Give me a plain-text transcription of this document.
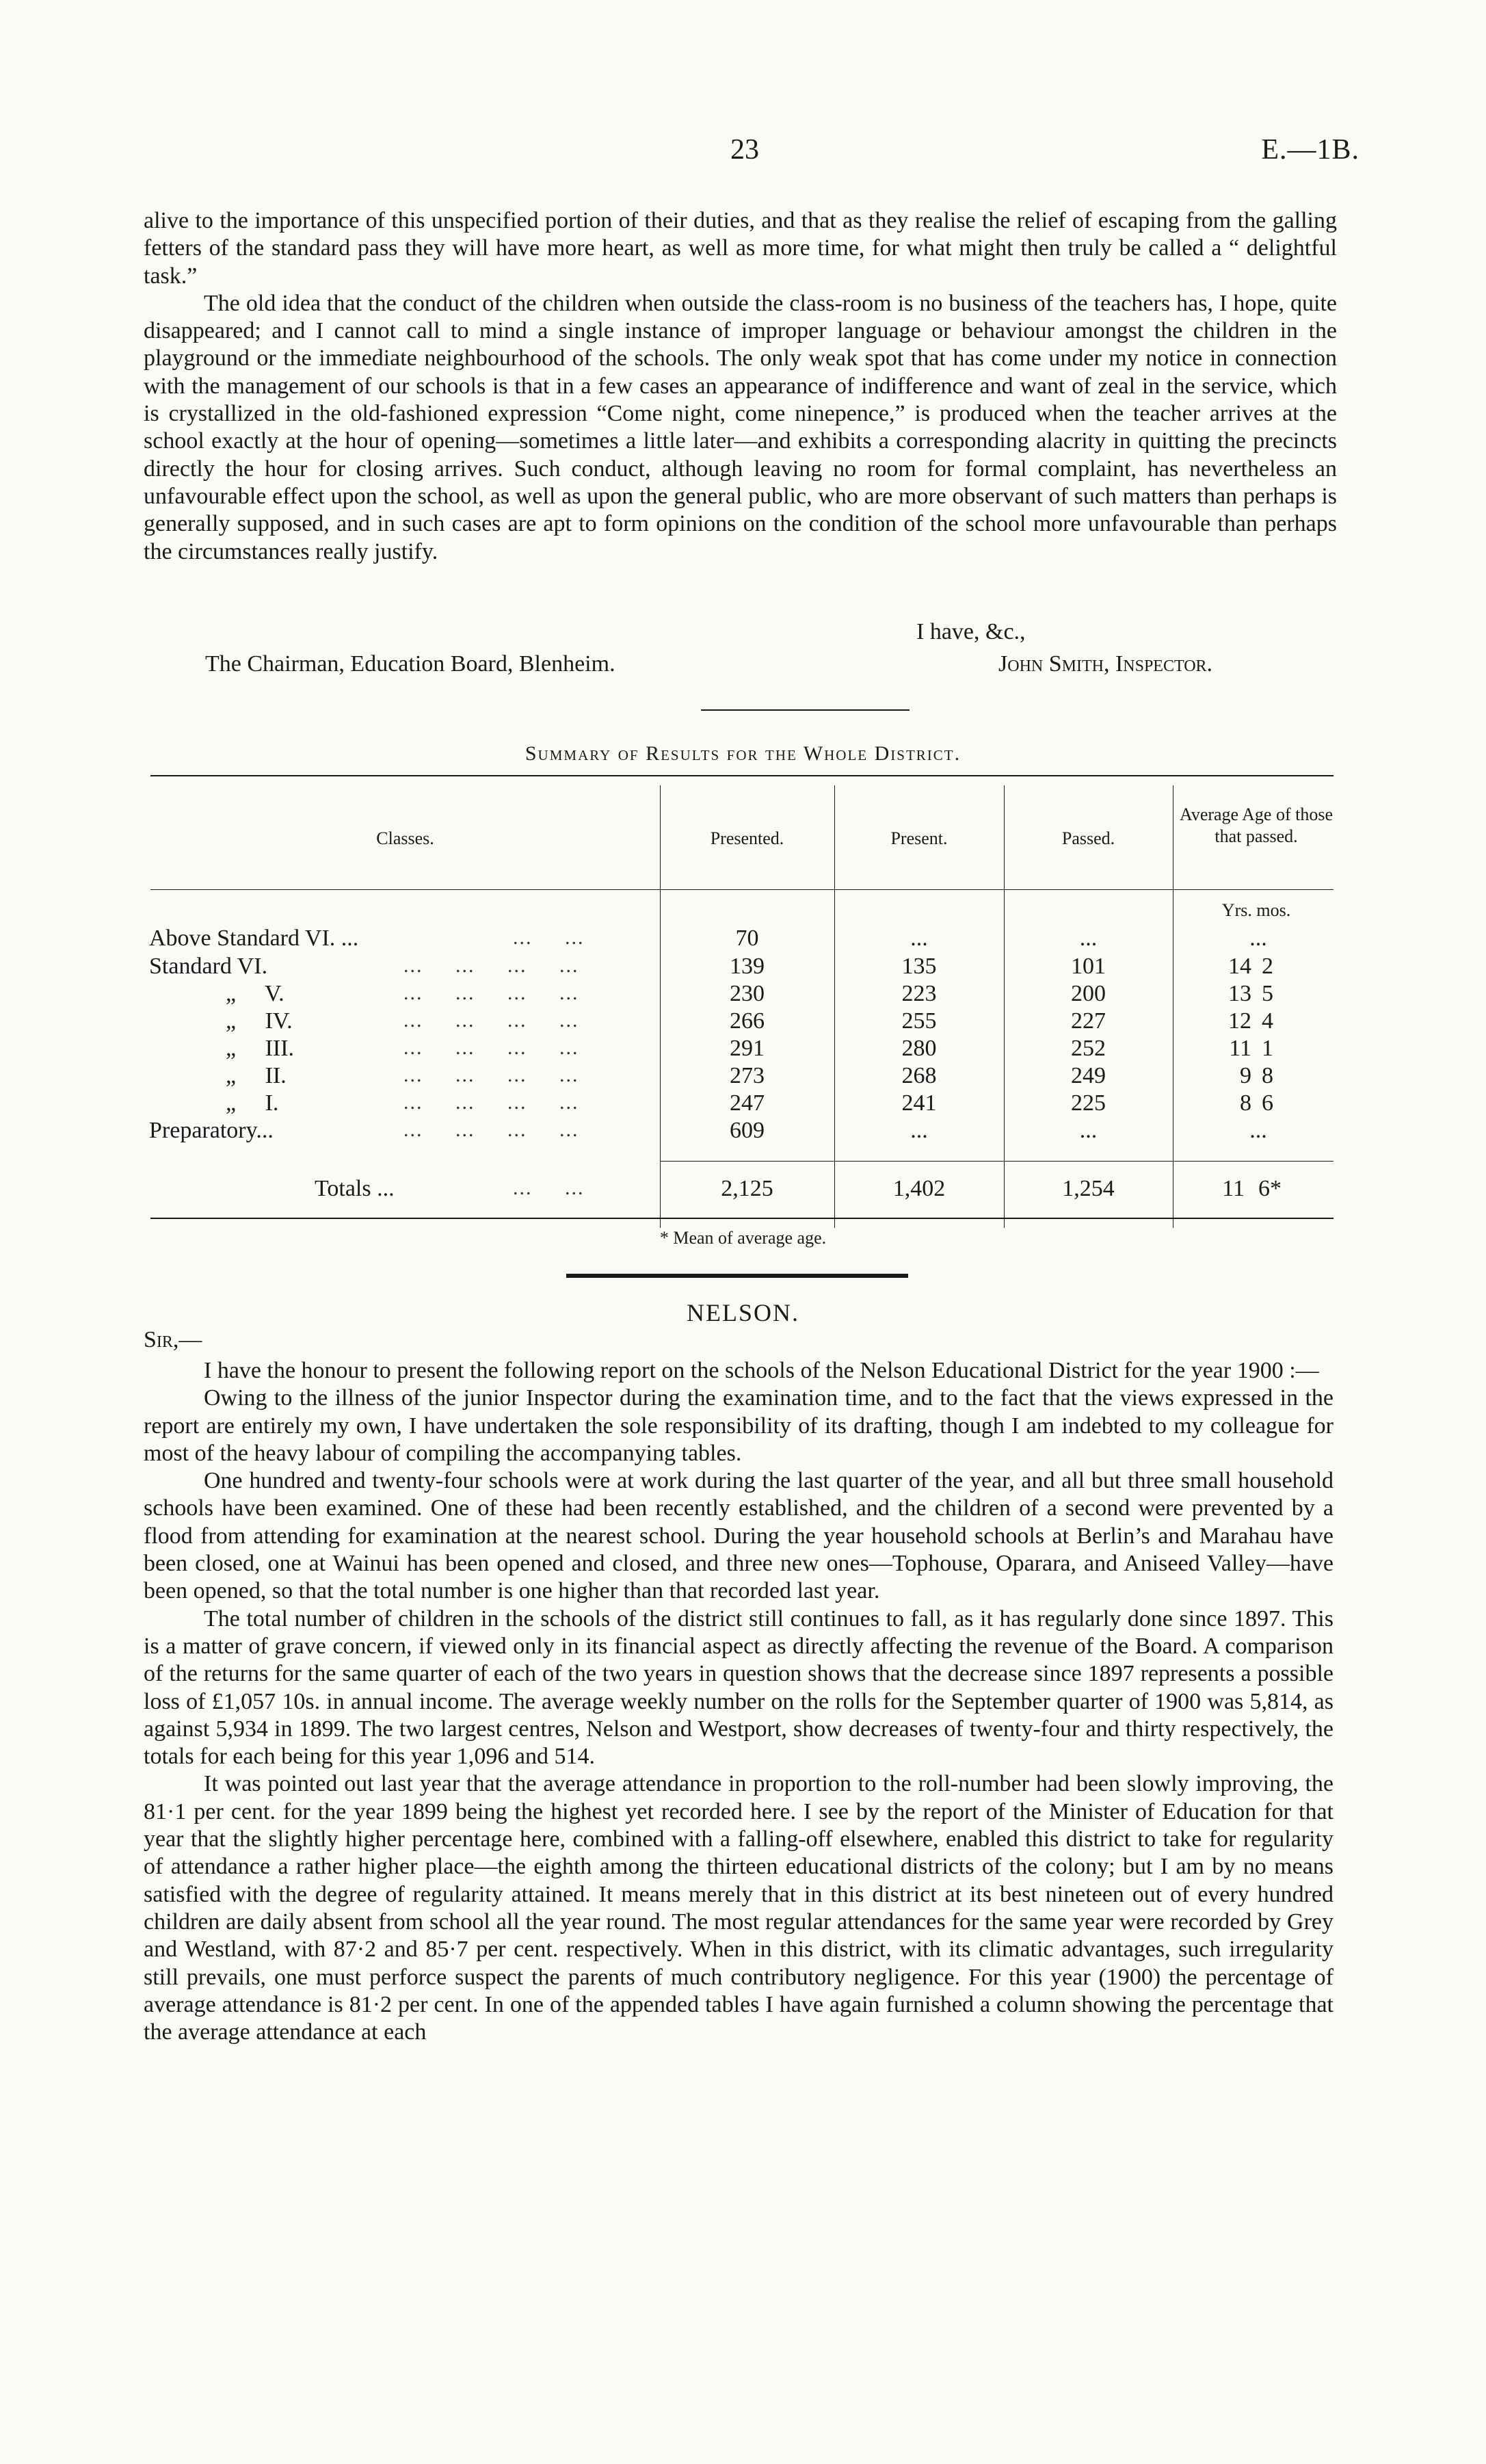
23	E.—1B.

alive to the importance of this unspecified portion of their duties, and that as they realise the relief of escaping from the galling fetters of the standard pass they will have more heart, as well as more time, for what might then truly be called a “ delightful task.”

The old idea that the conduct of the children when outside the class-room is no business of the teachers has, I hope, quite disappeared; and I cannot call to mind a single instance of improper language or behaviour amongst the children in the playground or the immediate neighbourhood of the schools. The only weak spot that has come under my notice in connection with the management of our schools is that in a few cases an appearance of indifference and want of zeal in the service, which is crystallized in the old-fashioned expression “Come night, come ninepence,” is produced when the teacher arrives at the school exactly at the hour of opening—sometimes a little later—and exhibits a corresponding alacrity in quitting the precincts directly the hour for closing arrives. Such conduct, although leaving no room for formal complaint, has nevertheless an unfavourable effect upon the school, as well as upon the general public, who are more observant of such matters than perhaps is generally supposed, and in such cases are apt to form opinions on the condition of the school more unfavourable than perhaps the circumstances really justify.

I have, &c.,
The Chairman, Education Board, Blenheim.	John Smith, Inspector.
Summary of Results for the Whole District.
Classes.	Presented.	Present.	Passed.
Average Age of those that passed.
Yrs. mos.
Above Standard VI. ...	...     ...	70	...	...	...
Standard VI.	...     ...     ...     ...	139	135	101	14 2
„     V.	...     ...     ...     ...	230	223	200	13 5
„     IV.	...     ...     ...     ...	266	255	227	12 4
„     III.	...     ...     ...     ...	291	280	252	11 1
„     II.	...     ...     ...     ...	273	268	249	9 8
„     I.	...     ...     ...     ...	247	241	225	8 6
Preparatory...	...     ...     ...     ...	609	...	...	...
Totals ...	...     ...	2,125	1,402	1,254	11 6*
* Mean of average age.
NELSON.
Sir,—

I have the honour to present the following report on the schools of the Nelson Educational District for the year 1900 :—

Owing to the illness of the junior Inspector during the examination time, and to the fact that the views expressed in the report are entirely my own, I have undertaken the sole responsibility of its drafting, though I am indebted to my colleague for most of the heavy labour of compiling the accompanying tables.

One hundred and twenty-four schools were at work during the last quarter of the year, and all but three small household schools have been examined. One of these had been recently established, and the children of a second were prevented by a flood from attending for examination at the nearest school. During the year household schools at Berlin’s and Marahau have been closed, one at Wainui has been opened and closed, and three new ones—Tophouse, Oparara, and Aniseed Valley—have been opened, so that the total number is one higher than that recorded last year.

The total number of children in the schools of the district still continues to fall, as it has regularly done since 1897. This is a matter of grave concern, if viewed only in its financial aspect as directly affecting the revenue of the Board. A comparison of the returns for the same quarter of each of the two years in question shows that the decrease since 1897 represents a possible loss of £1,057 10s. in annual income. The average weekly number on the rolls for the September quarter of 1900 was 5,814, as against 5,934 in 1899. The two largest centres, Nelson and Westport, show decreases of twenty-four and thirty respectively, the totals for each being for this year 1,096 and 514.

It was pointed out last year that the average attendance in proportion to the roll-number had been slowly improving, the 81·1 per cent. for the year 1899 being the highest yet recorded here. I see by the report of the Minister of Education for that year that the slightly higher percentage here, combined with a falling-off elsewhere, enabled this district to take for regularity of attendance a rather higher place—the eighth among the thirteen educational districts of the colony; but I am by no means satisfied with the degree of regularity attained. It means merely that in this district at its best nineteen out of every hundred children are daily absent from school all the year round. The most regular attendances for the same year were recorded by Grey and Westland, with 87·2 and 85·7 per cent. respectively. When in this district, with its climatic advantages, such irregularity still prevails, one must perforce suspect the parents of much contributory negligence. For this year (1900) the percentage of average attendance is 81·2 per cent. In one of the appended tables I have again furnished a column showing the percentage that the average attendance at each
